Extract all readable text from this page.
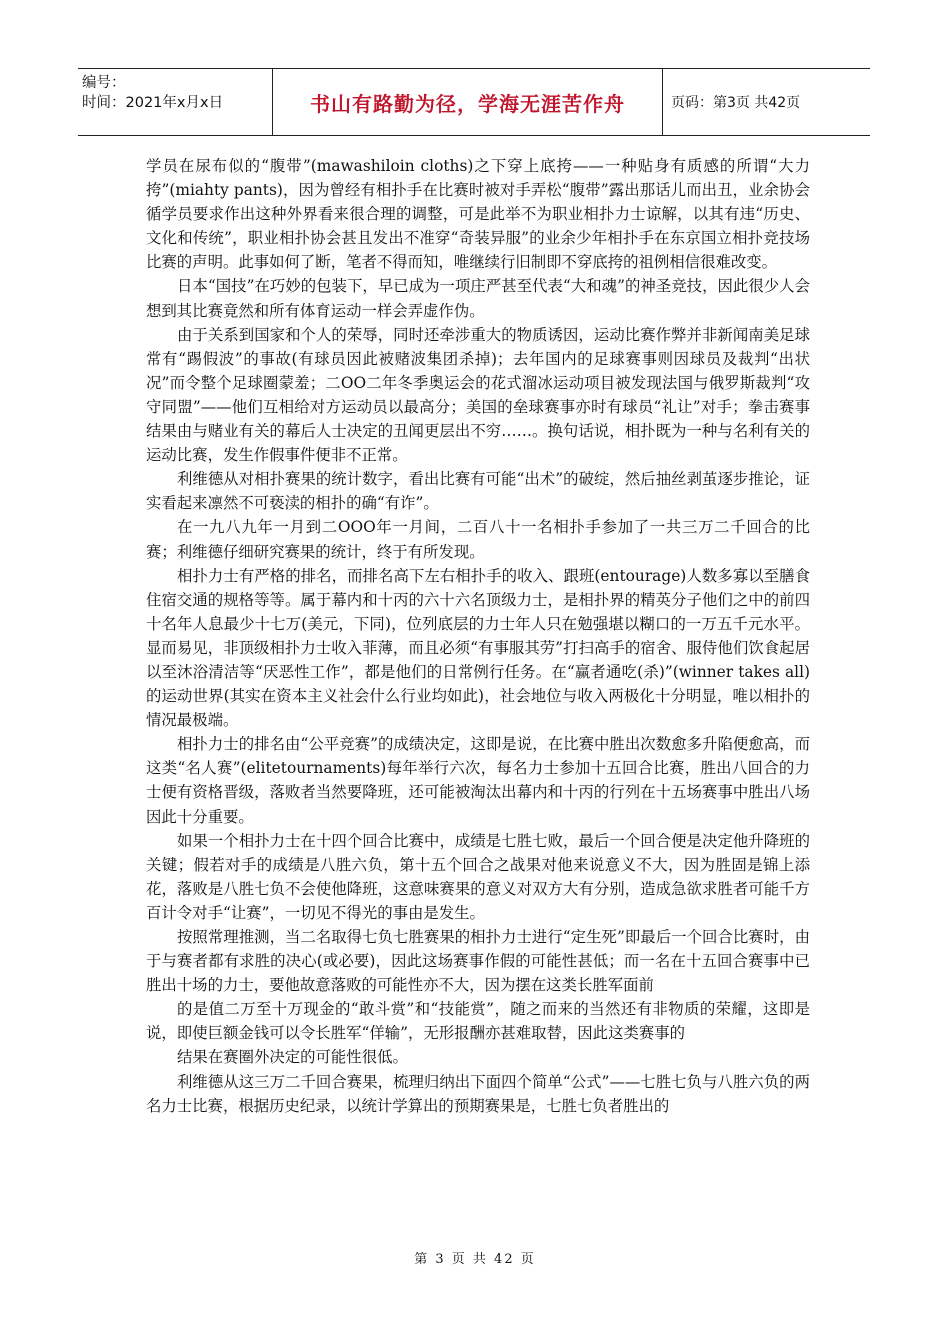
编号：
时间：2021年x月x日	书山有路勤为径，学海无涯苦作舟	页码：第3页 共42页

学员在尿布似的“腹带”(mawashiloin cloths)之下穿上底挎——一种贴身有质感的所谓“大力挎”(miahty pants)，因为曾经有相扑手在比赛时被对手弄松“腹带”露出那话儿而出丑，业余协会循学员要求作出这种外界看来很合理的调整，可是此举不为职业相扑力士谅解，以其有违“历史、文化和传统”，职业相扑协会甚且发出不准穿“奇装异服”的业余少年相扑手在东京国立相扑竞技场比赛的声明。此事如何了断，笔者不得而知，唯继续行旧制即不穿底挎的祖例相信很难改变。

日本“国技”在巧妙的包装下，早已成为一项庄严甚至代表“大和魂”的神圣竞技，因此很少人会想到其比赛竟然和所有体育运动一样会弄虚作伪。

由于关系到国家和个人的荣辱，同时还牵涉重大的物质诱因，运动比赛作弊并非新闻南美足球常有“踢假波”的事故(有球员因此被赌波集团杀掉)；去年国内的足球赛事则因球员及裁判“出状况”而令整个足球圈蒙羞；二OO二年冬季奥运会的花式溜冰运动项目被发现法国与俄罗斯裁判“攻守同盟”——他们互相给对方运动员以最高分；美国的垒球赛事亦时有球员“礼让”对手；拳击赛事结果由与赌业有关的幕后人士决定的丑闻更层出不穷……。换句话说，相扑既为一种与名利有关的运动比赛，发生作假事件便非不正常。

利维德从对相扑赛果的统计数字，看出比赛有可能“出术”的破绽，然后抽丝剥茧逐步推论，证实看起来凛然不可亵渎的相扑的确“有诈”。

在一九八九年一月到二OOO年一月间，二百八十一名相扑手参加了一共三万二千回合的比赛；利维德仔细研究赛果的统计，终于有所发现。

相扑力士有严格的排名，而排名高下左右相扑手的收入、跟班(entourage)人数多寡以至膳食住宿交通的规格等等。属于幕内和十丙的六十六名顶级力士，是相扑界的精英分子他们之中的前四十名年人息最少十七万(美元，下同)，位列底层的力士年人只在勉强堪以糊口的一万五千元水平。显而易见，非顶级相扑力士收入菲薄，而且必须“有事服其劳”打扫高手的宿舍、服侍他们饮食起居以至沐浴清洁等“厌恶性工作”，都是他们的日常例行任务。在“赢者通吃(杀)”(winner takes all)的运动世界(其实在资本主义社会什么行业均如此)，社会地位与收入两极化十分明显，唯以相扑的情况最极端。

相扑力士的排名由“公平竞赛”的成绩决定，这即是说，在比赛中胜出次数愈多升陷便愈高，而这类“名人赛”(elitetournaments)每年举行六次，每名力士参加十五回合比赛，胜出八回合的力士便有资格晋级，落败者当然要降班，还可能被淘汰出幕内和十丙的行列在十五场赛事中胜出八场因此十分重要。

如果一个相扑力士在十四个回合比赛中，成绩是七胜七败，最后一个回合便是决定他升降班的关键；假若对手的成绩是八胜六负，第十五个回合之战果对他来说意义不大，因为胜固是锦上添花，落败是八胜七负不会使他降班，这意味赛果的意义对双方大有分别，造成急欲求胜者可能千方百计令对手“让赛”，一切见不得光的事由是发生。

按照常理推测，当二名取得七负七胜赛果的相扑力士进行“定生死”即最后一个回合比赛时，由于与赛者都有求胜的决心(或必要)，因此这场赛事作假的可能性甚低；而一名在十五回合赛事中已胜出十场的力士，要他故意落败的可能性亦不大，因为摆在这类长胜军面前

的是值二万至十万现金的“敢斗赏”和“技能赏”，随之而来的当然还有非物质的荣耀，这即是说，即使巨额金钱可以令长胜军“佯输”，无形报酬亦甚难取替，因此这类赛事的

结果在赛圈外决定的可能性很低。

利维德从这三万二千回合赛果，梳理归纳出下面四个简单“公式”——七胜七负与八胜六负的两名力士比赛，根据历史纪录，以统计学算出的预期赛果是，七胜七负者胜出的

第 3 页 共 42 页
